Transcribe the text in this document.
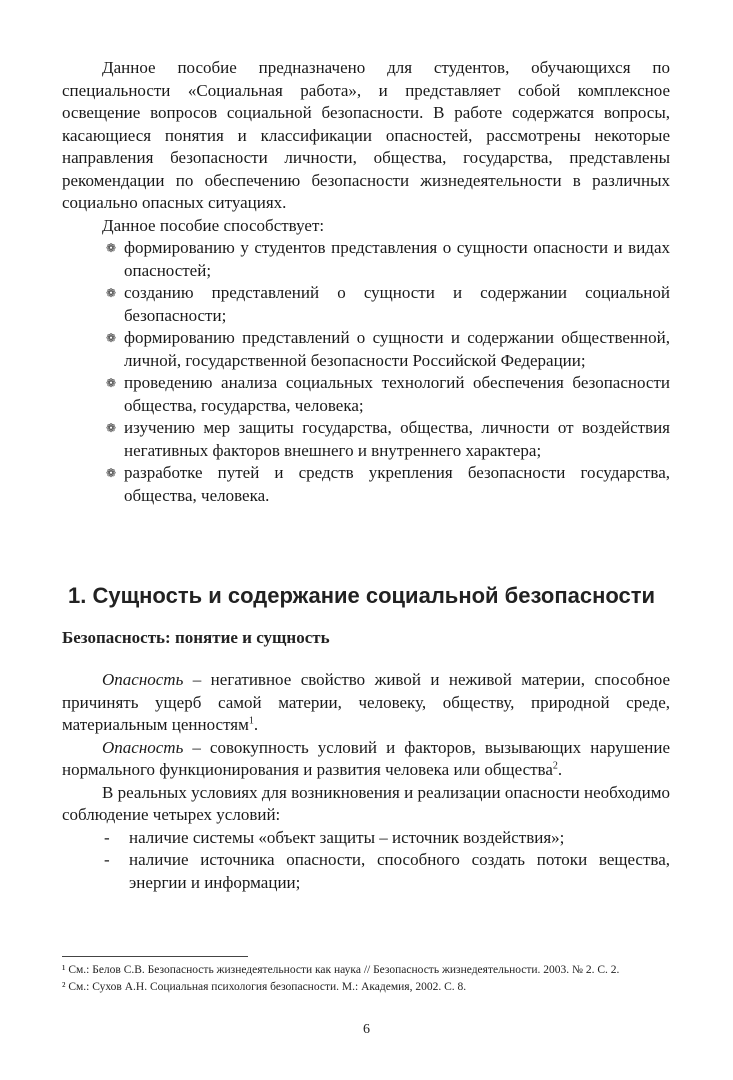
Данное пособие предназначено для студентов, обучающихся по специальности «Социальная работа», и представляет собой комплексное освещение вопросов социальной безопасности. В работе содержатся вопросы, касающиеся понятия и классификации опасностей, рассмотрены некоторые направления безопасности личности, общества, государства, представлены рекомендации по обеспечению безопасности жизнедеятельности в различных социально опасных ситуациях.

Данное пособие способствует:

❁ формированию у студентов представления о сущности опасности и видах опасностей;
❁ созданию представлений о сущности и содержании социальной безопасности;
❁ формированию представлений о сущности и содержании общественной, личной, государственной безопасности Российской Федерации;
❁ проведению анализа социальных технологий обеспечения безопасности общества, государства, человека;
❁ изучению мер защиты государства, общества, личности от воздействия негативных факторов внешнего и внутреннего характера;
❁ разработке путей и средств укрепления безопасности государства, общества, человека.
1. Сущность и содержание социальной безопасности
Безопасность: понятие и сущность

Опасность – негативное свойство живой и неживой материи, способное причинять ущерб самой материи, человеку, обществу, природной среде, материальным ценностям$^1$.

Опасность – совокупность условий и факторов, вызывающих нарушение нормального функционирования и развития человека или общества$^2$.

В реальных условиях для возникновения и реализации опасности необходимо соблюдение четырех условий:

- наличие системы «объект защиты – источник воздействия»;
- наличие источника опасности, способного создать потоки вещества, энергии и информации;

¹ См.: Белов С.В. Безопасность жизнедеятельности как наука // Безопасность жизнедеятельности. 2003. № 2. С. 2.

² См.: Сухов А.Н. Социальная психология безопасности. М.: Академия, 2002. С. 8.

6
